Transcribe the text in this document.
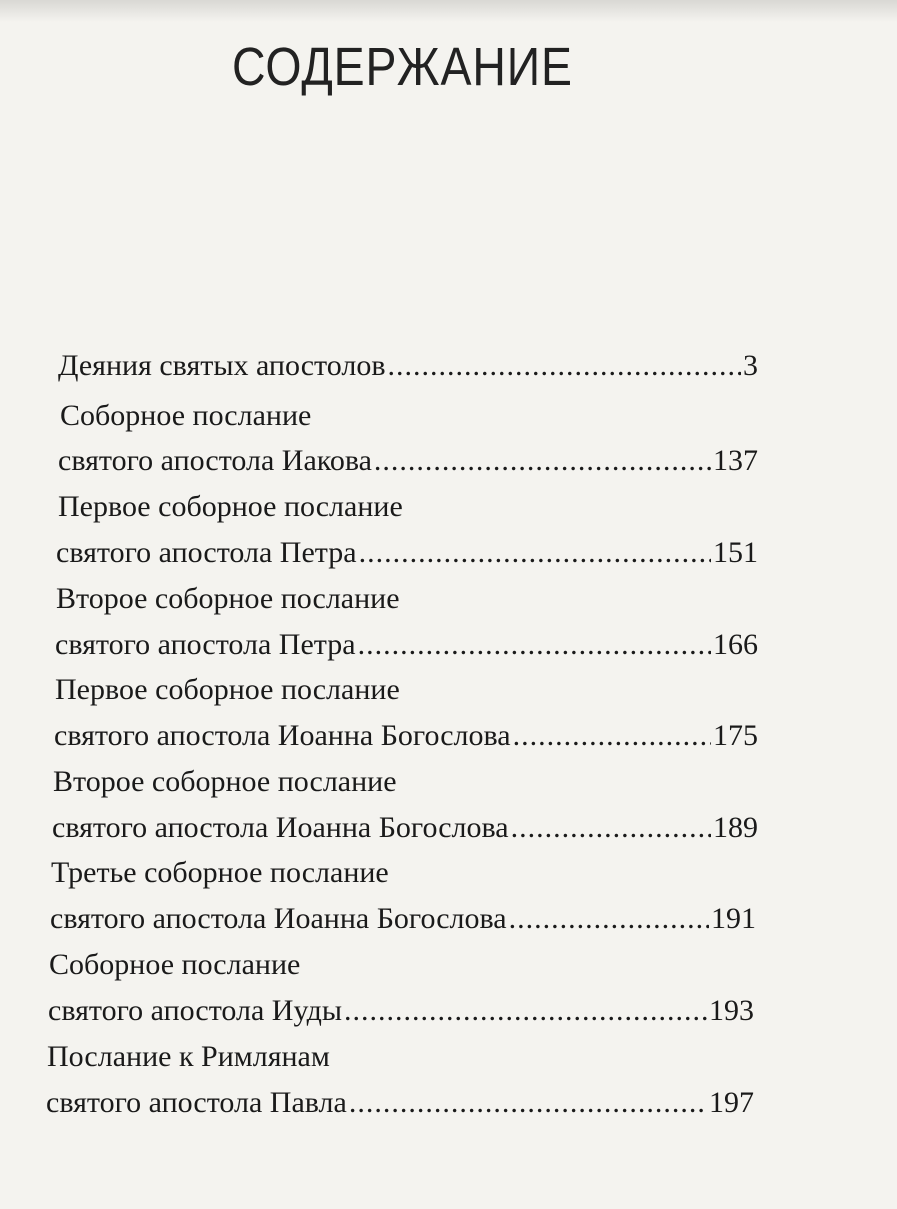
СОДЕРЖАНИЕ
Деяния святых апостолов .....	3
Соборное послание
святого апостола Иакова .....	137
Первое соборное послание
святого апостола Петра .....	151
Второе соборное послание
святого апостола Петра .....	166
Первое соборное послание
святого апостола Иоанна Богослова .....	175
Второе соборное послание
святого апостола Иоанна Богослова .....	189
Третье соборное послание
святого апостола Иоанна Богослова .....	191
Соборное послание
святого апостола Иуды .....	193
Послание к Римлянам
святого апостола Павла .....	197
